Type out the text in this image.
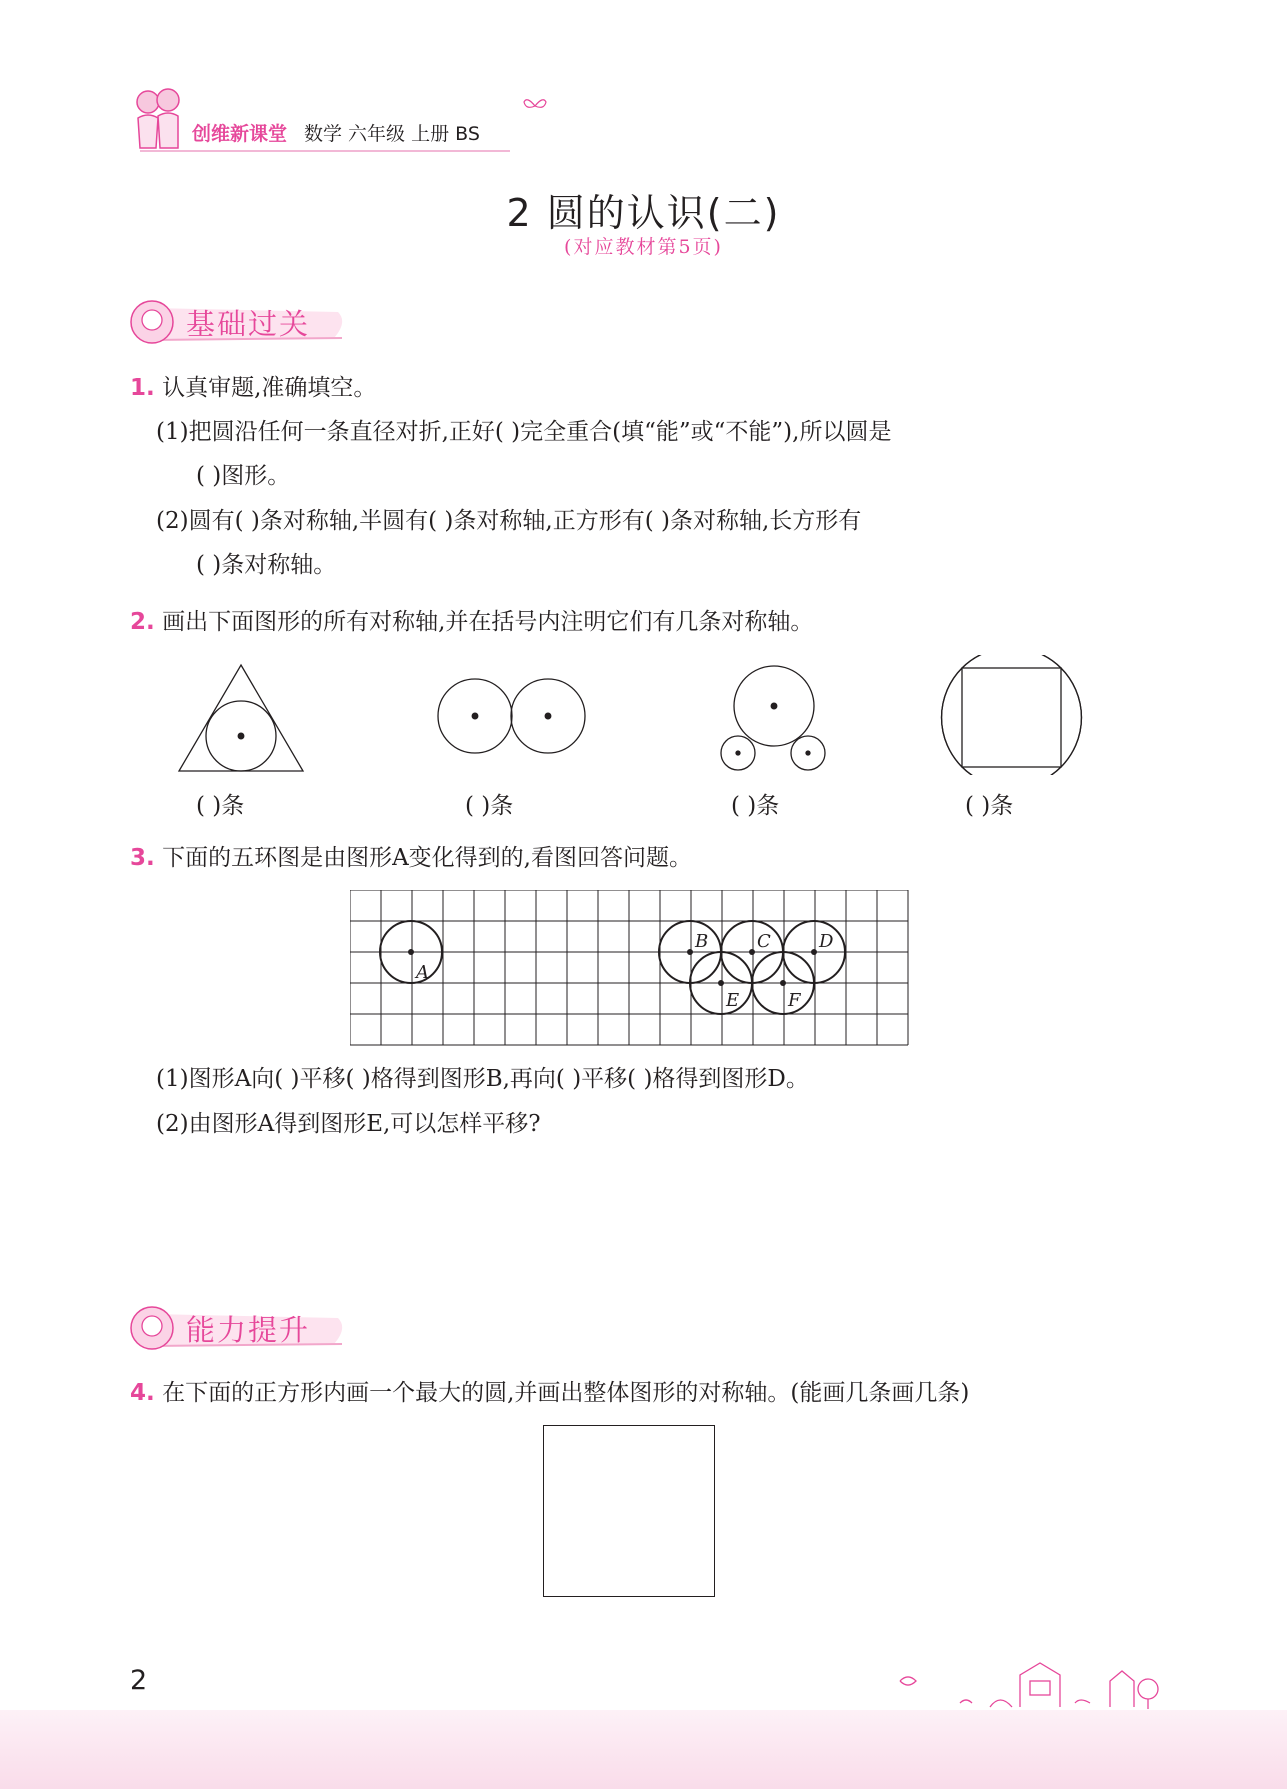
创维新课堂 数学 六年级 上册 BS
2 圆的认识(二)
(对应教材第5页)
基础过关
1. 认真审题,准确填空。
(1)把圆沿任何一条直径对折,正好( )完全重合(填“能”或“不能”),所以圆是
( )图形。
(2)圆有( )条对称轴,半圆有( )条对称轴,正方形有( )条对称轴,长方形有
( )条对称轴。
2. 画出下面图形的所有对称轴,并在括号内注明它们有几条对称轴。
( )条	( )条	( )条	( )条
3. 下面的五环图是由图形A变化得到的,看图回答问题。
A
B	C	D
E	F
(1)图形A向( )平移( )格得到图形B,再向( )平移( )格得到图形D。
(2)由图形A得到图形E,可以怎样平移?
能力提升
4. 在下面的正方形内画一个最大的圆,并画出整体图形的对称轴。(能画几条画几条)
2
